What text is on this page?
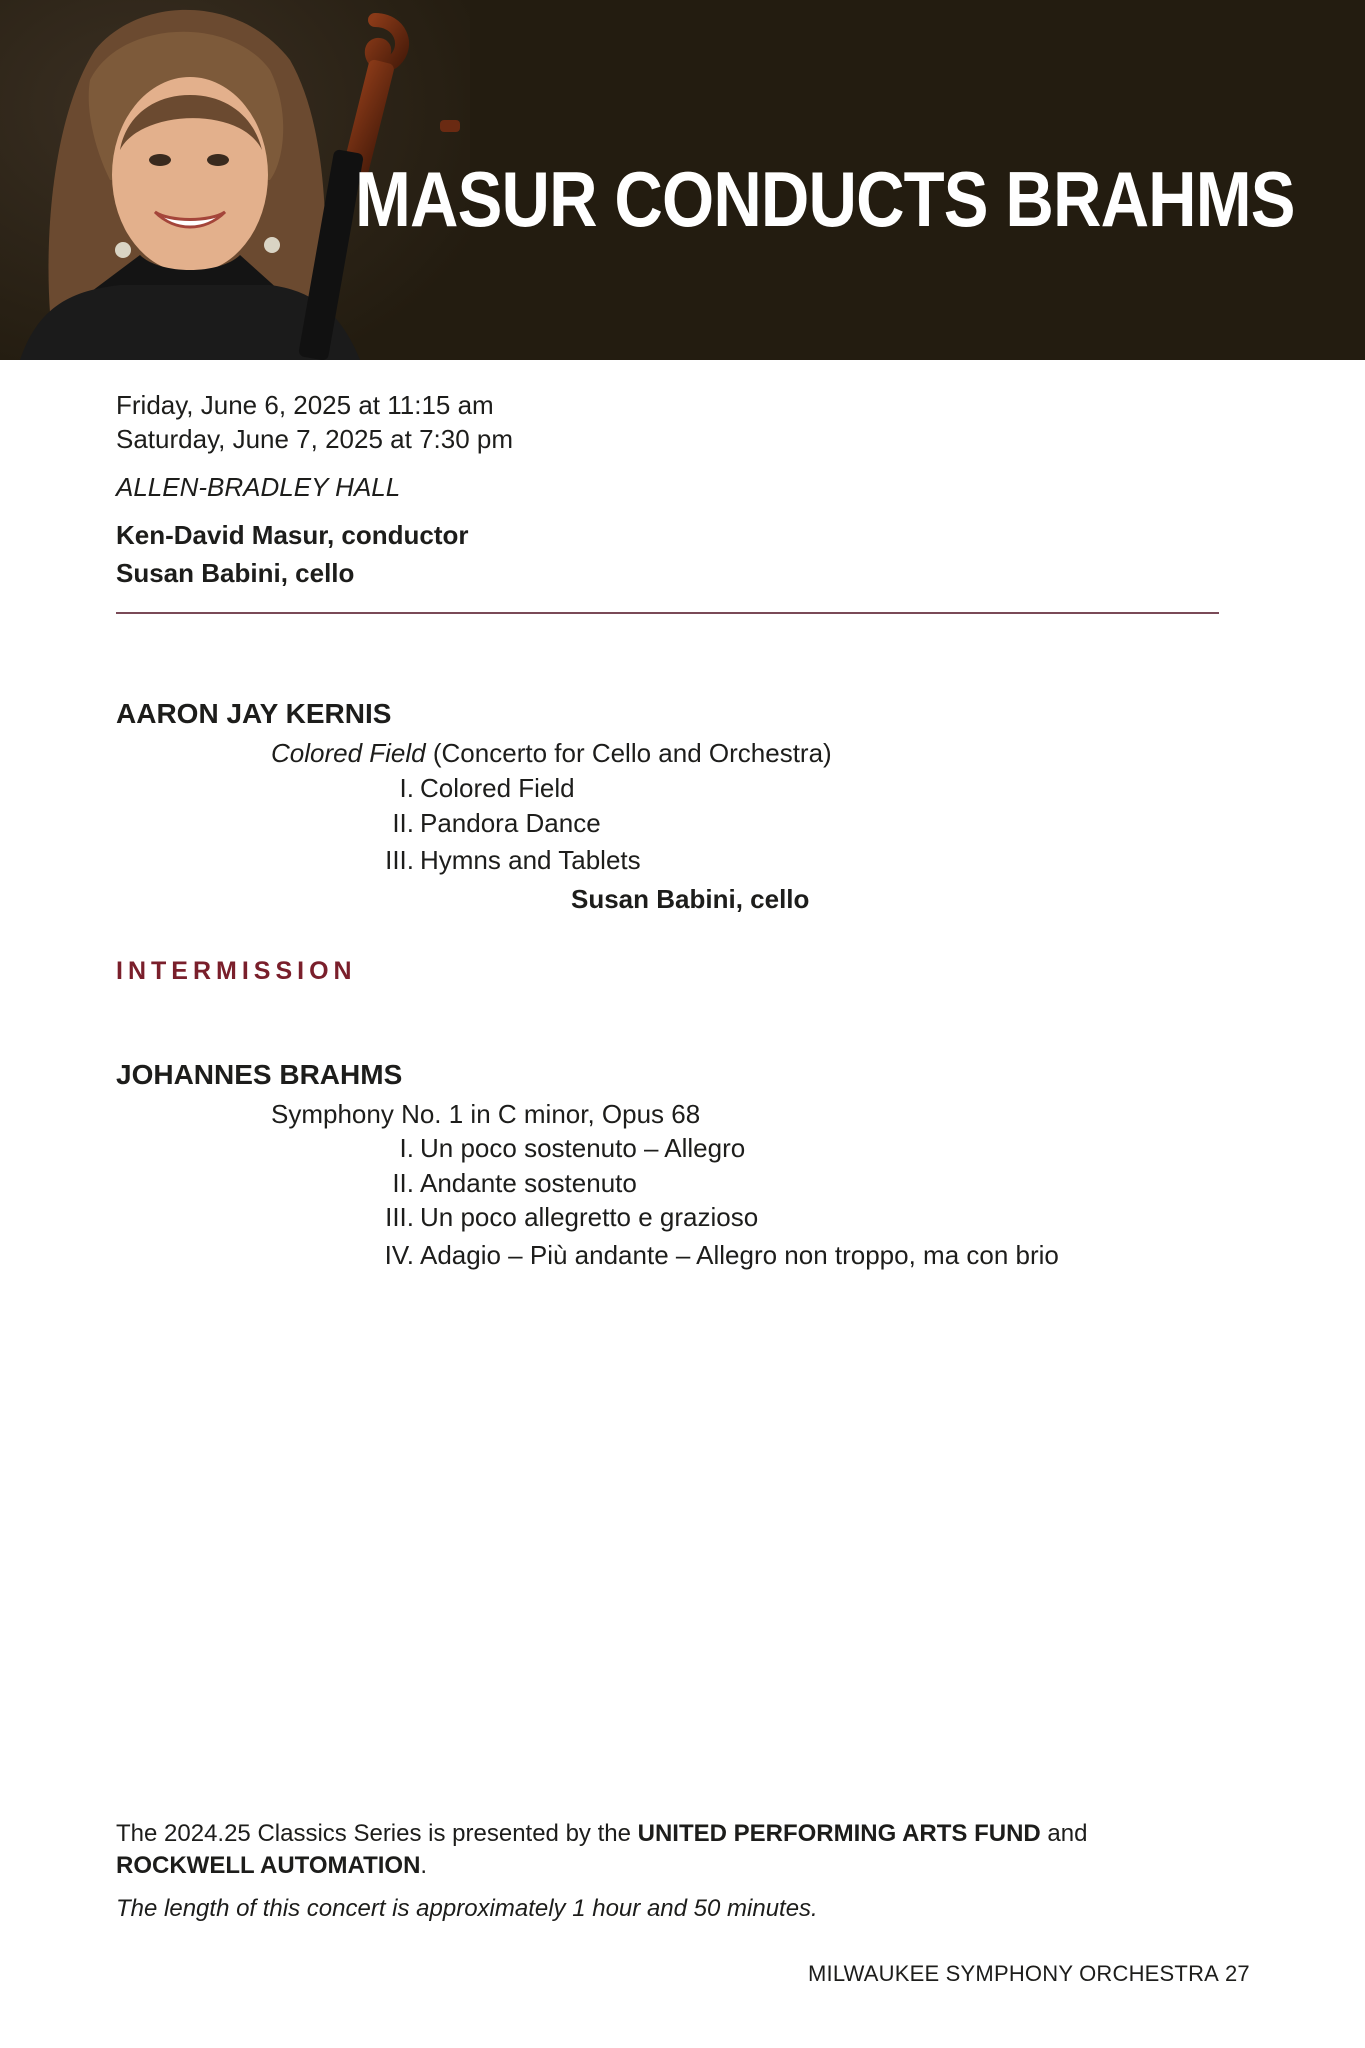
MASUR CONDUCTS BRAHMS
Friday, June 6, 2025 at 11:15 am
Saturday, June 7, 2025 at 7:30 pm
ALLEN-BRADLEY HALL
Ken-David Masur, conductor
Susan Babini, cello
AARON JAY KERNIS
Colored Field (Concerto for Cello and Orchestra)
I. Colored Field
II. Pandora Dance
III. Hymns and Tablets
Susan Babini, cello
INTERMISSION
JOHANNES BRAHMS
Symphony No. 1 in C minor, Opus 68
I. Un poco sostenuto – Allegro
II. Andante sostenuto
III. Un poco allegretto e grazioso
IV. Adagio – Più andante – Allegro non troppo, ma con brio
The 2024.25 Classics Series is presented by the UNITED PERFORMING ARTS FUND and
ROCKWELL AUTOMATION.
The length of this concert is approximately 1 hour and 50 minutes.
MILWAUKEE SYMPHONY ORCHESTRA 27
